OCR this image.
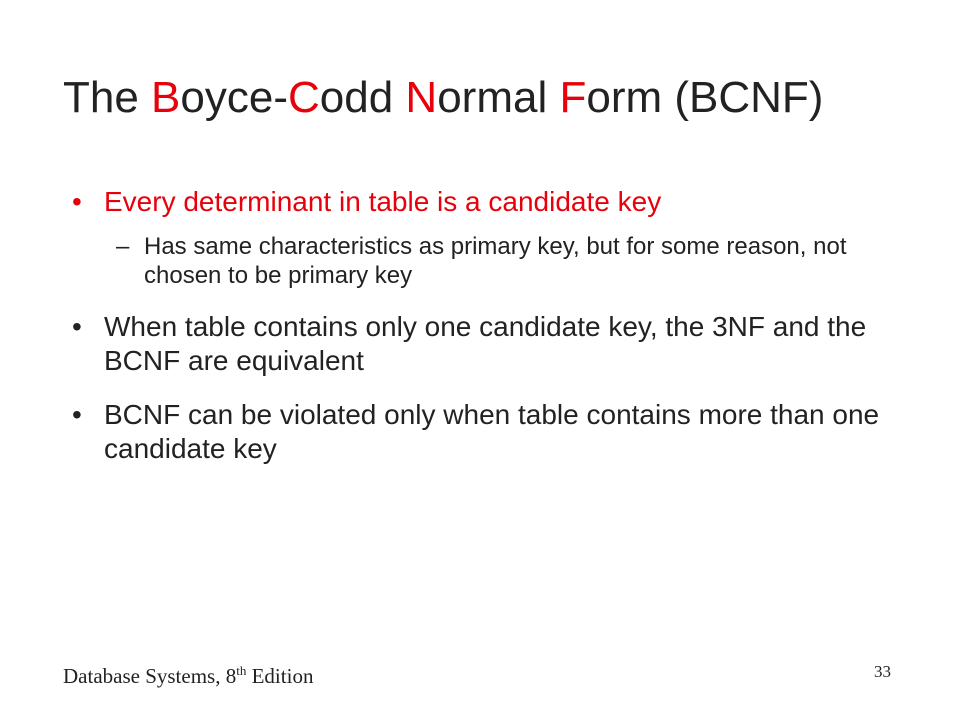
The Boyce-Codd Normal Form (BCNF)
• Every determinant in table is a candidate key
– Has same characteristics as primary key, but for some reason, not chosen to be primary key
• When table contains only one candidate key, the 3NF and the BCNF are equivalent
• BCNF can be violated only when table contains more than one candidate key
Database Systems, 8th Edition	33
